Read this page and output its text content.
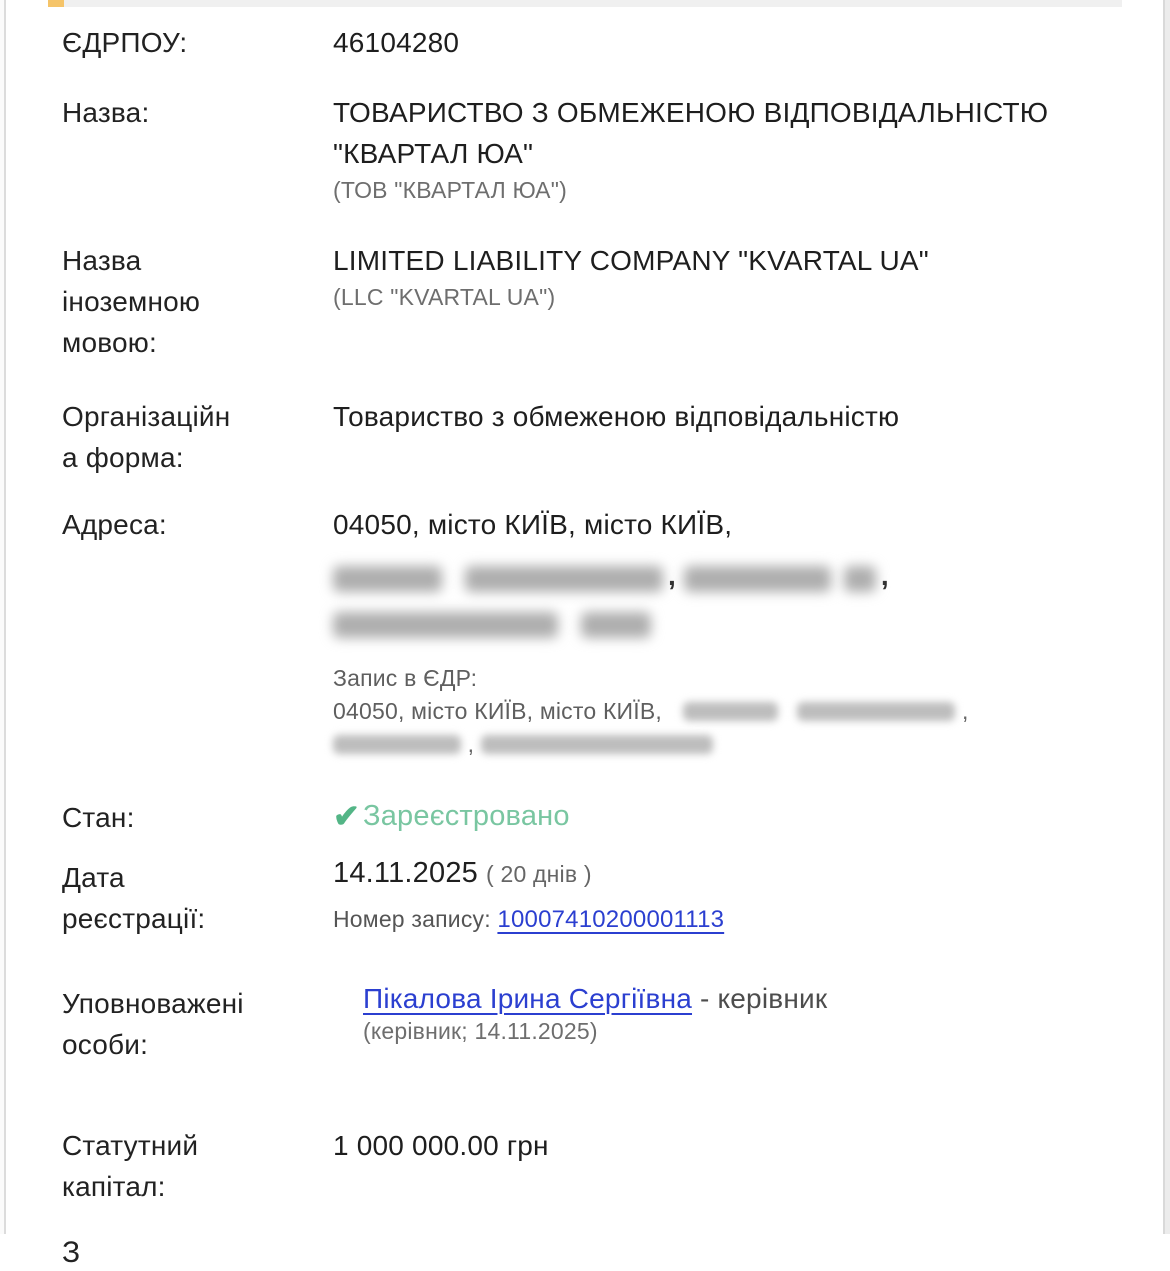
ЄДРПОУ:	46104280
Назва:	ТОВАРИСТВО З ОБМЕЖЕНОЮ ВІДПОВІДАЛЬНІСТЮ "КВАРТАЛ ЮА"
(ТОВ "КВАРТАЛ ЮА")
Назва іноземною мовою:
LIMITED LIABILITY COMPANY "KVARTAL UA"
(LLC "KVARTAL UA")
Організаційна форма:
Товариство з обмеженою відповідальністю
Адреса:	04050, місто КИЇВ, місто КИЇВ,
,	,

Запис в ЄДР:
04050, місто КИЇВ, місто КИЇВ,	,
,
Стан:	✔ Зареєстровано
Дата реєстрації:
14.11.2025 ( 20 днів )
Номер запису: 10007410200001113
Уповноважені особи:
Пікалова Ірина Сергіївна - керівник
(керівник; 14.11.2025)
Статутний капітал:
1 000 000.00 грн
З
